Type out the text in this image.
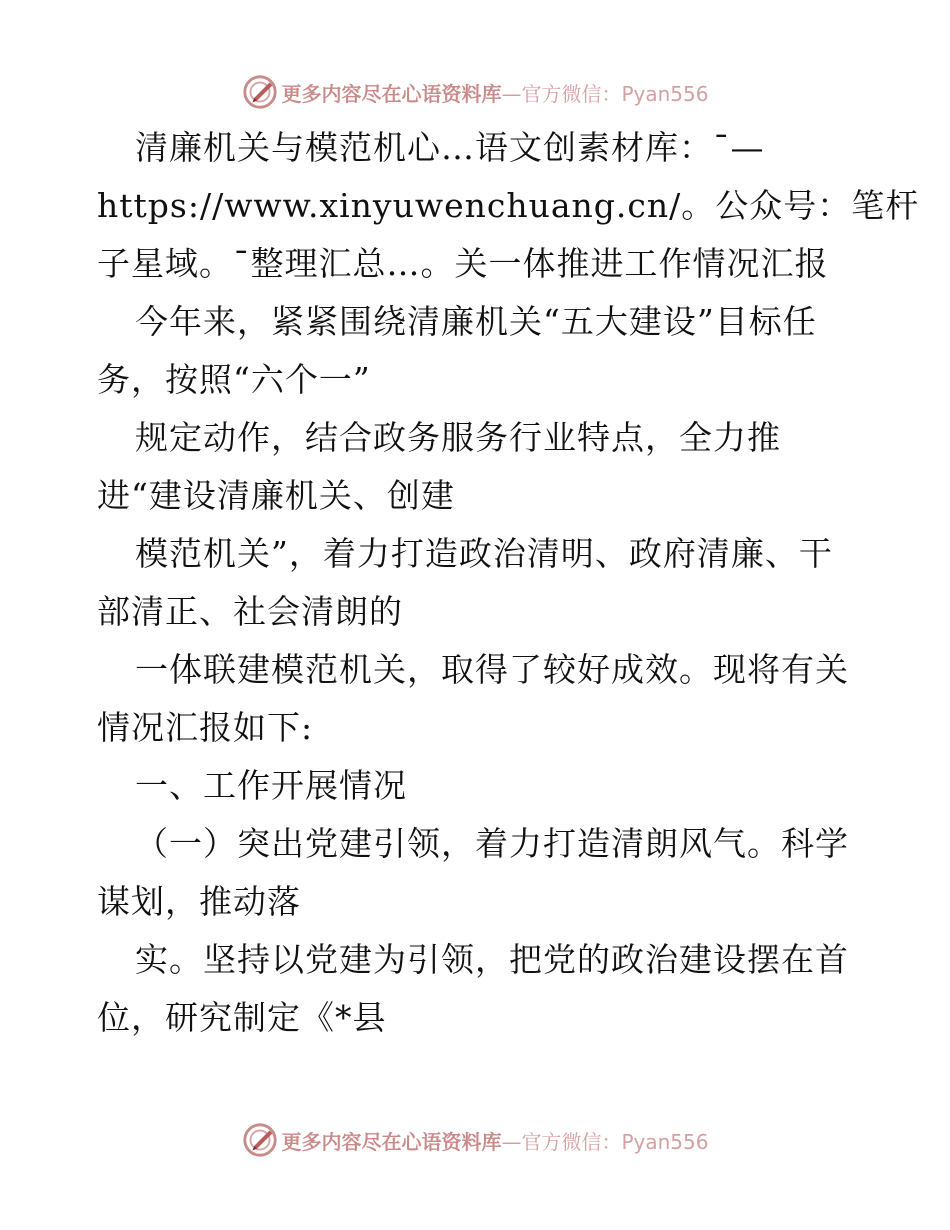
更多内容尽在心语资料库 —官方微信：Pyan556
清廉机关与模范机心…语文创素材库：¯—
https://www.xinyuwenchuang.cn/。公众号：笔杆
子星域。¯整理汇总…。关一体推进工作情况汇报
今年来，紧紧围绕清廉机关“五大建设”目标任
务，按照“六个一”
规定动作，结合政务服务行业特点，全力推
进“建设清廉机关、创建
模范机关”，着力打造政治清明、政府清廉、干
部清正、社会清朗的
一体联建模范机关，取得了较好成效。现将有关
情况汇报如下:
一、工作开展情况
（一）突出党建引领，着力打造清朗风气。科学
谋划，推动落
实。坚持以党建为引领，把党的政治建设摆在首
位，研究制定《*县
更多内容尽在心语资料库 —官方微信：Pyan556
